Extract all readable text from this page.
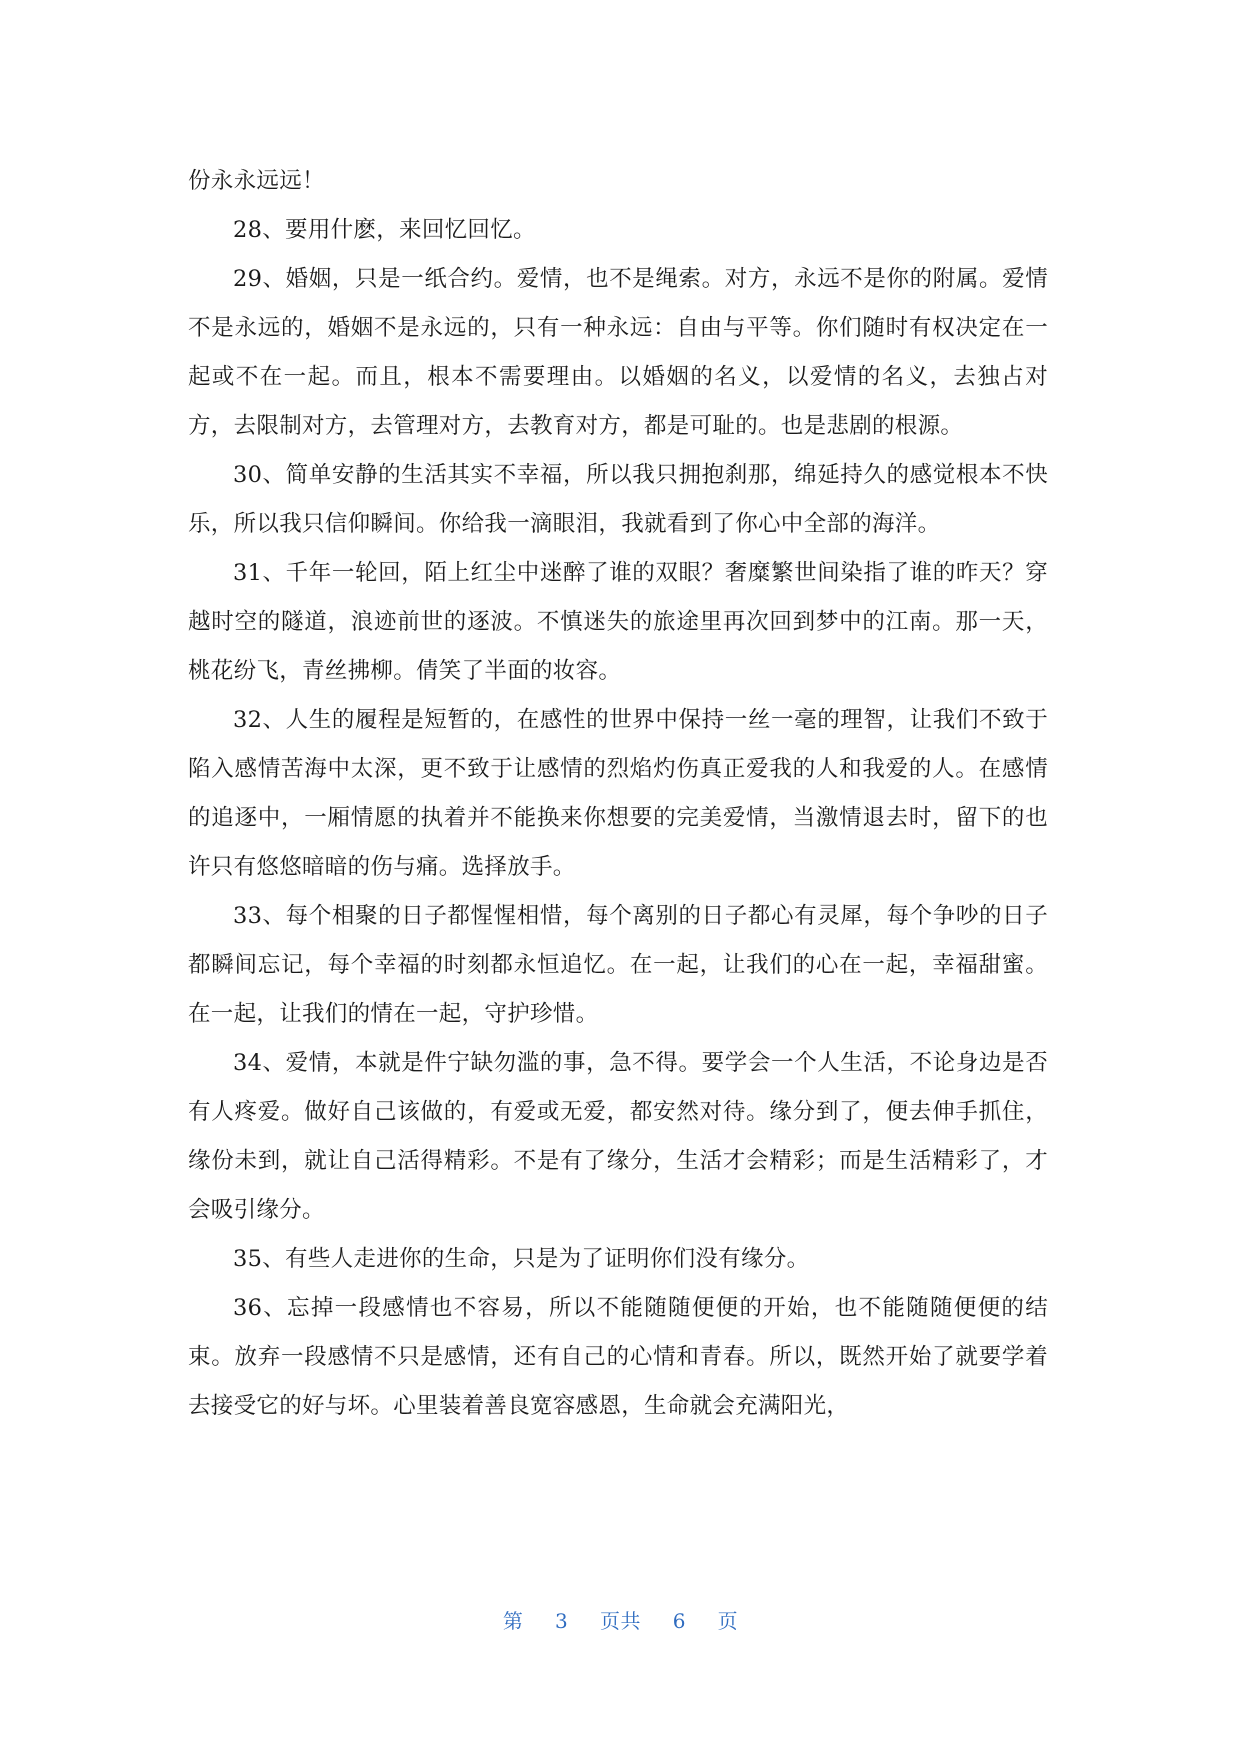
份永永远远！

28、要用什麽，来回忆回忆。

29、婚姻，只是一纸合约。爱情，也不是绳索。对方，永远不是你的附属。爱情不是永远的，婚姻不是永远的，只有一种永远：自由与平等。你们随时有权决定在一起或不在一起。而且，根本不需要理由。以婚姻的名义，以爱情的名义，去独占对方，去限制对方，去管理对方，去教育对方，都是可耻的。也是悲剧的根源。

30、简单安静的生活其实不幸福，所以我只拥抱刹那，绵延持久的感觉根本不快乐，所以我只信仰瞬间。你给我一滴眼泪，我就看到了你心中全部的海洋。

31、千年一轮回，陌上红尘中迷醉了谁的双眼？奢糜繁世间染指了谁的昨天？穿越时空的隧道，浪迹前世的逐波。不慎迷失的旅途里再次回到梦中的江南。那一天，桃花纷飞，青丝拂柳。倩笑了半面的妆容。

32、人生的履程是短暂的，在感性的世界中保持一丝一毫的理智，让我们不致于陷入感情苦海中太深，更不致于让感情的烈焰灼伤真正爱我的人和我爱的人。在感情的追逐中，一厢情愿的执着并不能换来你想要的完美爱情，当激情退去时，留下的也许只有悠悠暗暗的伤与痛。选择放手。

33、每个相聚的日子都惺惺相惜，每个离别的日子都心有灵犀，每个争吵的日子都瞬间忘记，每个幸福的时刻都永恒追忆。在一起，让我们的心在一起，幸福甜蜜。在一起，让我们的情在一起，守护珍惜。

34、爱情，本就是件宁缺勿滥的事，急不得。要学会一个人生活，不论身边是否有人疼爱。做好自己该做的，有爱或无爱，都安然对待。缘分到了，便去伸手抓住，缘份未到，就让自己活得精彩。不是有了缘分，生活才会精彩；而是生活精彩了，才会吸引缘分。

35、有些人走进你的生命，只是为了证明你们没有缘分。

36、忘掉一段感情也不容易，所以不能随随便便的开始，也不能随随便便的结束。放弃一段感情不只是感情，还有自己的心情和青春。所以，既然开始了就要学着去接受它的好与坏。心里装着善良宽容感恩，生命就会充满阳光，

第 3 页共 6 页
